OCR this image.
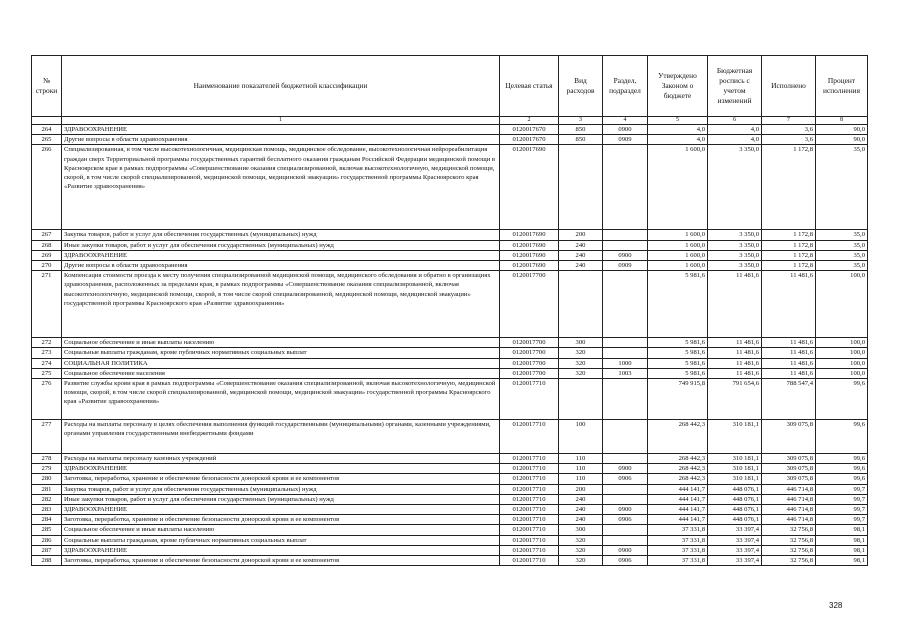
№ строки	Наименование показателей бюджетной классификации	Целевая статья	Вид расходов	Раздел, подраздел	Утверждено Законом о бюджете	Бюджетная роспись с учетом изменений	Исполнено	Процент исполнения
	1	2	3	4	5	6	7	8
264	ЗДРАВООХРАНЕНИЕ	0120017670	850	0900	4,0	4,0	3,6	90,0
265	Другие вопросы в области здравоохранения	0120017670	850	0909	4,0	4,0	3,6	90,0
266	Специализированная, в том числе высокотехнологичная, медицинская помощь, медицинское обследование, высокотехнологичная нейрореабилитация граждан сверх Территориальной программы государственных гарантий бесплатного оказания гражданам Российской Федерации медицинской помощи в Красноярском крае в рамках подпрограммы «Совершенствование оказания специализированной, включая высокотехнологичную, медицинской помощи, скорой, в том числе скорой специализированной, медицинской помощи, медицинской эвакуации» государственной программы Красноярского края «Развитие здравоохранения»	0120017690			1 600,0	3 350,0	1 172,8	35,0
267	Закупка товаров, работ и услуг для обеспечения государственных (муниципальных) нужд	0120017690	200		1 600,0	3 350,0	1 172,8	35,0
268	Иные закупки товаров, работ и услуг для обеспечения государственных (муниципальных) нужд	0120017690	240		1 600,0	3 350,0	1 172,8	35,0
269	ЗДРАВООХРАНЕНИЕ	0120017690	240	0900	1 600,0	3 350,0	1 172,8	35,0
270	Другие вопросы в области здравоохранения	0120017690	240	0909	1 600,0	3 350,0	1 172,8	35,0
271	Компенсация стоимости проезда к месту получения специализированной медицинской помощи, медицинского обследования и обратно в организациях здравоохранения, расположенных за пределами края, в рамках подпрограммы «Совершенствование оказания специализированной, включая высокотехнологичную, медицинской помощи, скорой, в том числе скорой специализированной, медицинской помощи, медицинской эвакуации» государственной программы Красноярского края «Развитие здравоохранения»	0120017700			5 981,6	11 481,6	11 481,6	100,0
272	Социальное обеспечение и иные выплаты населению	0120017700	300		5 981,6	11 481,6	11 481,6	100,0
273	Социальные выплаты гражданам, кроме публичных нормативных социальных выплат	0120017700	320		5 981,6	11 481,6	11 481,6	100,0
274	СОЦИАЛЬНАЯ ПОЛИТИКА	0120017700	320	1000	5 981,6	11 481,6	11 481,6	100,0
275	Социальное обеспечение населения	0120017700	320	1003	5 981,6	11 481,6	11 481,6	100,0
276	Развитие службы крови края в рамках подпрограммы «Совершенствование оказания специализированной, включая высокотехнологичную, медицинской помощи, скорой, в том числе скорой специализированной, медицинской помощи, медицинской эвакуации» государственной программы Красноярского края «Развитие здравоохранения»	0120017710			749 915,8	791 654,6	788 547,4	99,6
277	Расходы на выплаты персоналу в целях обеспечения выполнения функций государственными (муниципальными) органами, казенными учреждениями, органами управления государственными внебюджетными фондами	0120017710	100		268 442,3	310 181,1	309 075,8	99,6
278	Расходы на выплаты персоналу казенных учреждений	0120017710	110		268 442,3	310 181,1	309 075,8	99,6
279	ЗДРАВООХРАНЕНИЕ	0120017710	110	0900	268 442,3	310 181,1	309 075,8	99,6
280	Заготовка, переработка, хранение и обеспечение безопасности донорской крови и ее компонентов	0120017710	110	0906	268 442,3	310 181,1	309 075,8	99,6
281	Закупка товаров, работ и услуг для обеспечения государственных (муниципальных) нужд	0120017710	200		444 141,7	448 076,1	446 714,8	99,7
282	Иные закупки товаров, работ и услуг для обеспечения государственных (муниципальных) нужд	0120017710	240		444 141,7	448 076,1	446 714,8	99,7
283	ЗДРАВООХРАНЕНИЕ	0120017710	240	0900	444 141,7	448 076,1	446 714,8	99,7
284	Заготовка, переработка, хранение и обеспечение безопасности донорской крови и ее компонентов	0120017710	240	0906	444 141,7	448 076,1	446 714,8	99,7
285	Социальное обеспечение и иные выплаты населению	0120017710	300		37 331,8	33 397,4	32 756,8	98,1
286	Социальные выплаты гражданам, кроме публичных нормативных социальных выплат	0120017710	320		37 331,8	33 397,4	32 756,8	98,1
287	ЗДРАВООХРАНЕНИЕ	0120017710	320	0900	37 331,8	33 397,4	32 756,8	98,1
288	Заготовка, переработка, хранение и обеспечение безопасности донорской крови и ее компонентов	0120017710	320	0906	37 331,8	33 397,4	32 756,8	98,1
328
